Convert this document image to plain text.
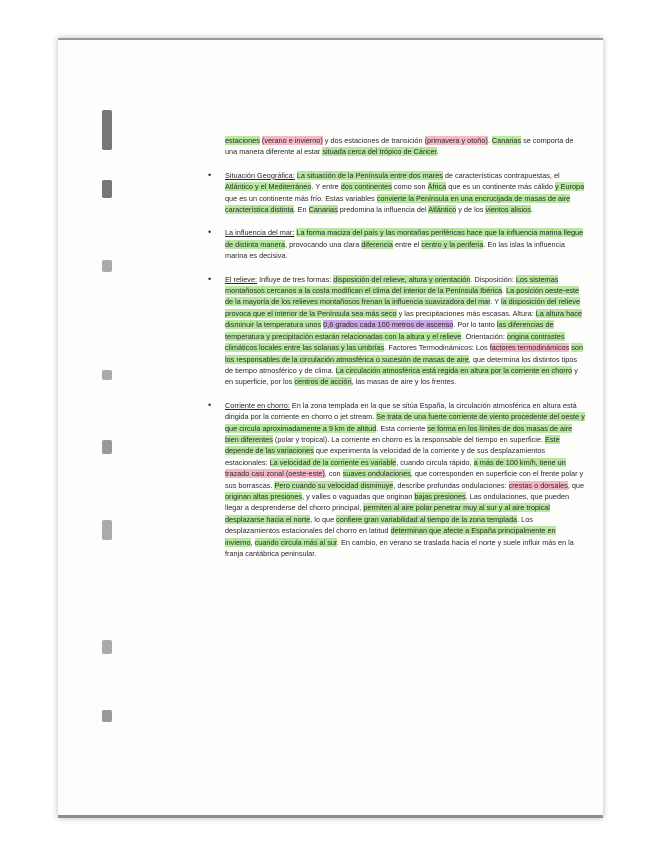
estaciones (verano e invierno) y dos estaciones de transición (primavera y otoño). Canarias se comporta de una manera diferente al estar situada cerca del trópico de Cáncer.

• Situación Geográfica: La situación de la Península entre dos mares de características contrapuestas, el Atlántico y el Mediterráneo. Y entre dos continentes como son África que es un continente más cálido y Europa que es un continente más frío. Estas variables convierte la Península en una encrucijada de masas de aire característica distinta. En Canarias predomina la influencia del Atlántico y de los vientos alisios.
• La influencia del mar: La forma maciza del país y las montañas periféricas hace que la influencia marina llegue de distinta manera, provocando una clara diferencia entre el centro y la periferia. En las islas la influencia marina es decisiva.
• El relieve: Influye de tres formas: disposición del relieve, altura y orientación. Disposición: Los sistemas montañosos cercanos a la costa modifican el clima del interior de la Península Ibérica. La posición oeste-este de la mayoría de los relieves montañosos frenan la influencia suavizadora del mar. Y la disposición del relieve provoca que el interior de la Península sea más seco y las precipitaciones más escasas. Altura: La altura hace disminuir la temperatura unos 0,6 grados cada 100 metros de ascenso. Por lo tanto las diferencias de temperatura y precipitación estarán relacionadas con la altura y el relieve. Orientación: origina contrastes climáticos locales entre las solanas y las umbrías. Factores Termodinámicos: Los factores termodinámicos son los responsables de la circulación atmosférica o sucesión de masas de aire, que determina los distintos tipos de tiempo atmosférico y de clima. La circulación atmosférica está regida en altura por la corriente en chorro y en superficie, por los centros de acción, las masas de aire y los frentes.
• Corriente en chorro: En la zona templada en la que se sitúa España, la circulación atmosférica en altura está dirigida por la corriente en chorro o jet stream. Se trata de una fuerte corriente de viento procedente del oeste y que circula aproximadamente a 9 km de altitud. Esta corriente se forma en los límites de dos masas de aire bien diferentes (polar y tropical). La corriente en chorro es la responsable del tiempo en superficie. Este depende de las variaciones que experimenta la velocidad de la corriente y de sus desplazamientos estacionales: La velocidad de la corriente es variable, cuando circula rápido, a más de 100 km/h, tiene un trazado casi zonal (oeste-este), con suaves ondulaciones, que corresponden en superficie con el frente polar y sus borrascas. Pero cuando su velocidad disminuye, describe profundas ondulaciones: crestas o dorsales, que originan altas presiones, y valles o vaguadas que originan bajas presiones. Las ondulaciones, que pueden llegar a desprenderse del chorro principal, permiten al aire polar penetrar muy al sur y al aire tropical desplazarse hacia el norte, lo que confiere gran variabilidad al tiempo de la zona templada. Los desplazamientos estacionales del chorro en latitud determinan que afecte a España principalmente en invierno, cuando circula más al sur. En cambio, en verano se traslada hacia el norte y suele influir más en la franja cantábrica peninsular.
